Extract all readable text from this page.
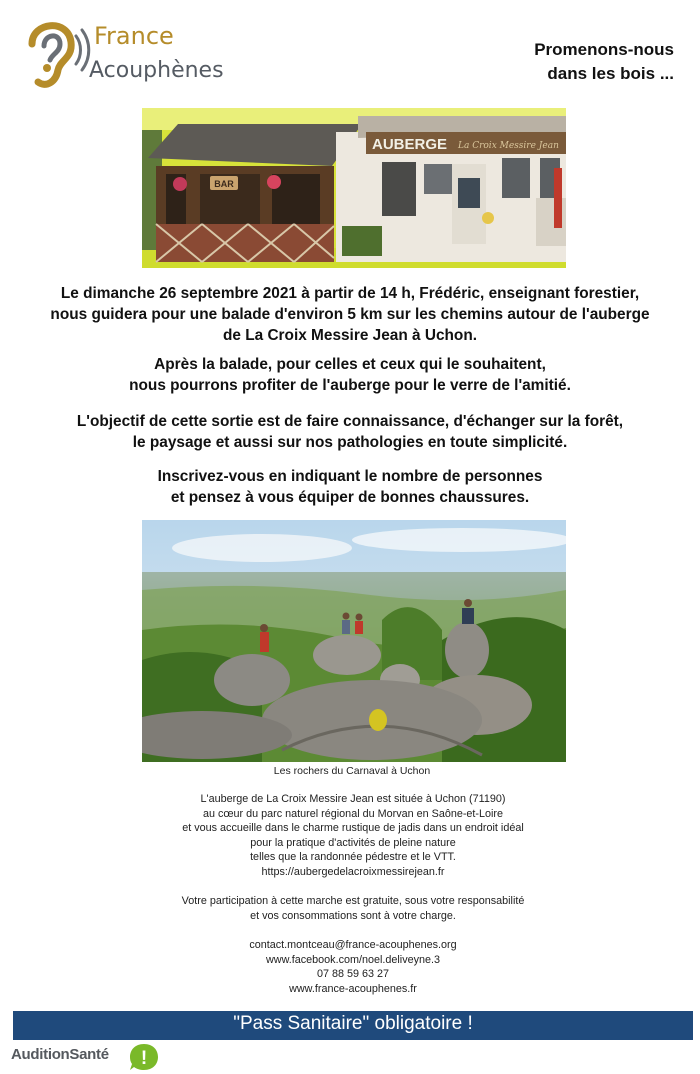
France
Acouphènes
Promenons-nous
dans les bois ...
BAR
AUBERGE La Croix Messire Jean
Le dimanche 26 septembre 2021 à partir de 14 h, Frédéric, enseignant forestier,
nous guidera pour une balade d'environ 5 km sur les chemins autour de l'auberge
de La Croix Messire Jean à Uchon.
Après la balade, pour celles et ceux qui le souhaitent,
nous pourrons profiter de l'auberge pour le verre de l'amitié.
L'objectif de cette sortie est de faire connaissance, d'échanger sur la forêt,
le paysage et aussi sur nos pathologies en toute simplicité.
Inscrivez-vous en indiquant le nombre de personnes
et pensez à vous équiper de bonnes chaussures.
Les rochers du Carnaval à Uchon
L'auberge de La Croix Messire Jean est située à Uchon (71190)
au cœur du parc naturel régional du Morvan en Saône-et-Loire
et vous accueille dans le charme rustique de jadis dans un endroit idéal
pour la pratique d'activités de pleine nature
telles que la randonnée pédestre et le VTT.
https://aubergedelacroixmessirejean.fr
Votre participation à cette marche est gratuite, sous votre responsabilité
et vos consommations sont à votre charge.
contact.montceau@france-acouphenes.org
www.facebook.com/noel.deliveyne.3
07 88 59 63 27
www.france-acouphenes.fr
"Pass Sanitaire" obligatoire !
AuditionSanté !
